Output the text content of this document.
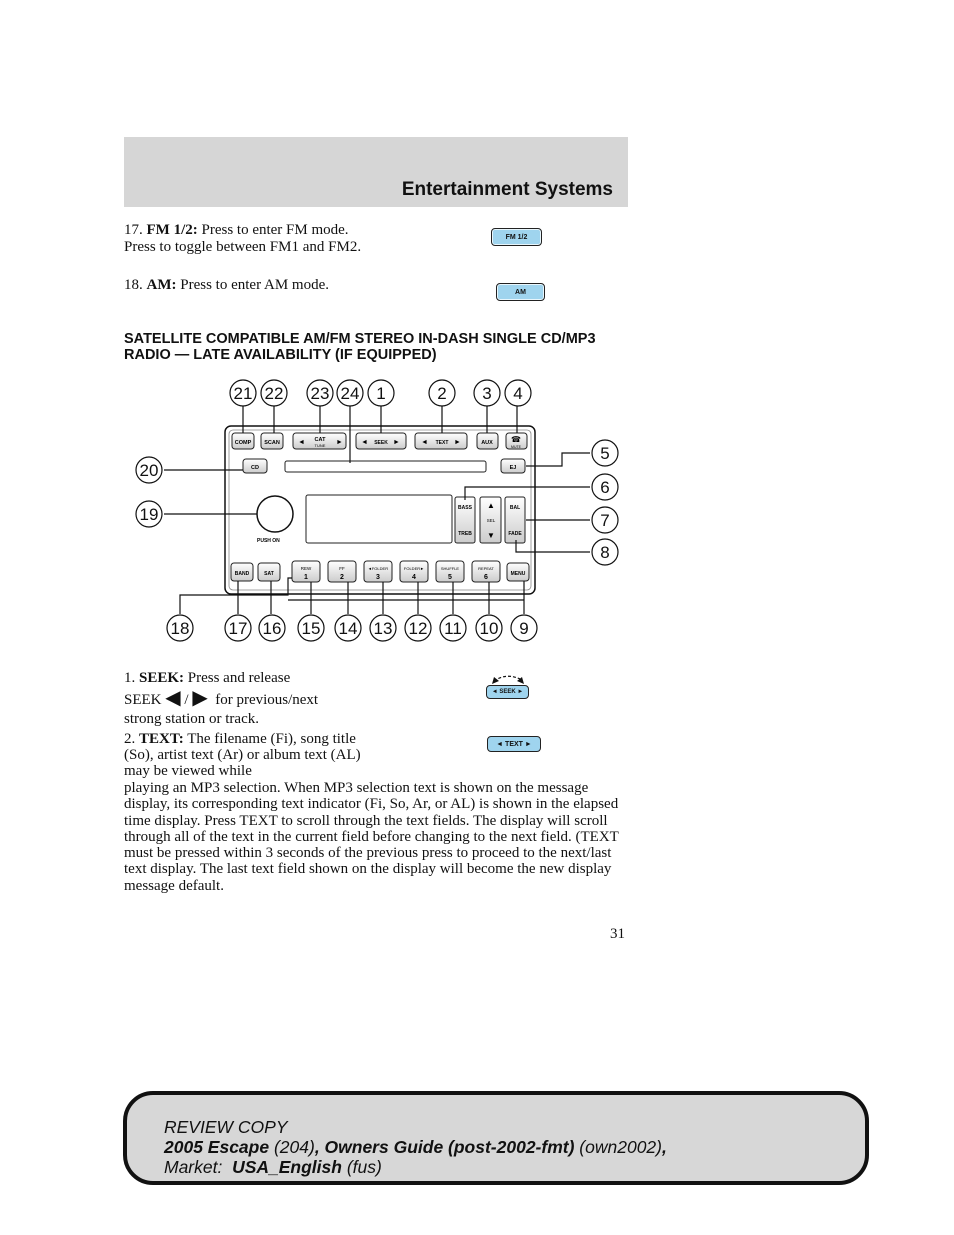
Entertainment Systems
17. FM 1/2: Press to enter FM mode. Press to toggle between FM1 and FM2.
FM 1/2
18. AM: Press to enter AM mode.	AM
SATELLITE COMPATIBLE AM/FM STEREO IN-DASH SINGLE CD/MP3 RADIO — LATE AVAILABILITY (IF EQUIPPED)
COMP SCAN	◄	►
CAT
TUNE	◄	►
SEEK	◄	►
TEXT	AUX ☎
MUTE
CD	EJ
PUSH ON
BASS
TREB
▲
SEL
▼
BAL
FADE
BAND	SAT
REW
1
FF
2
◄FOLDER
3
FOLDER►
4
SHUFFLE
5
REPEAT
6	MENU
21 22 23 24 1	2 3 4
5
6
7
8
9
10
11
12
13
14
15
16
17
18
19
20
1. SEEK: Press and release
SEEK ◀ / ▶  for previous/next
strong station or track.
◄ SEEK ►
2. TEXT: The filename (Fi), song title (So), artist text (Ar) or album text (AL) may be viewed while
◄ TEXT ►
playing an MP3 selection. When MP3 selection text is shown on the message display, its corresponding text indicator (Fi, So, Ar, or AL) is shown in the elapsed time display. Press TEXT to scroll through the text fields. The display will scroll through all of the text in the current field before changing to the next field. (TEXT must be pressed within 3 seconds of the previous press to proceed to the next/last text display. The last text field shown on the display will become the new display message default.
31
REVIEW COPY
2005 Escape (204), Owners Guide (post-2002-fmt) (own2002),
Market:  USA_English (fus)
